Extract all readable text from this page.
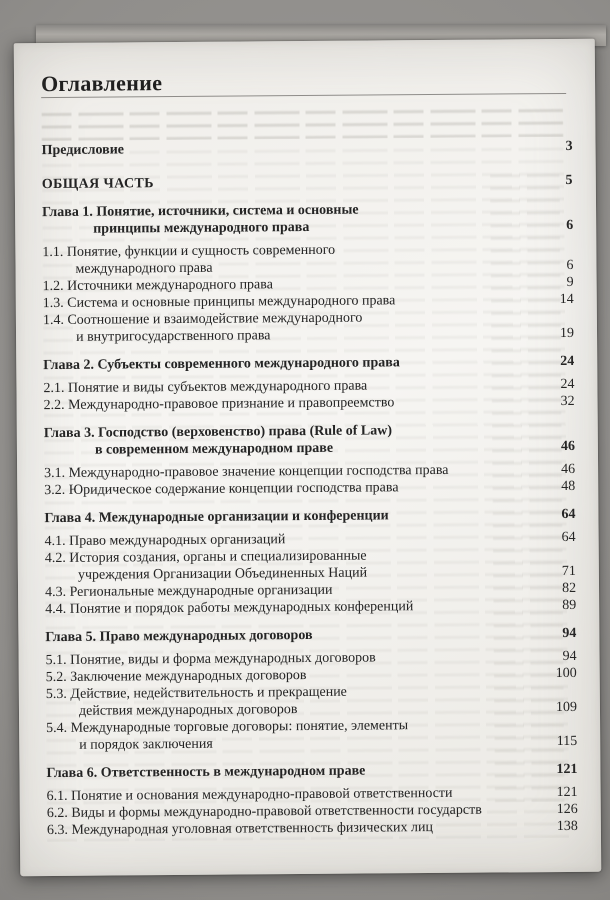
Оглавление
Предисловие	3
ОБЩАЯ ЧАСТЬ	5
Глава 1. Понятие, источники, система и основные
принципы международного права	6
1.1. Понятие, функции и сущность современного
международного права	6
1.2. Источники международного права	9
1.3. Система и основные принципы международного права	14
1.4. Соотношение и взаимодействие международного
и внутригосударственного права	19
Глава 2. Субъекты современного международного права	24
2.1. Понятие и виды субъектов международного права	24
2.2. Международно-правовое признание и правопреемство	32
Глава 3. Господство (верховенство) права (Rule of Law)
в современном международном праве	46
3.1. Международно-правовое значение концепции господства права	46
3.2. Юридическое содержание концепции господства права	48
Глава 4. Международные организации и конференции	64
4.1. Право международных организаций	64
4.2. История создания, органы и специализированные
учреждения Организации Объединенных Наций	71
4.3. Региональные международные организации	82
4.4. Понятие и порядок работы международных конференций	89
Глава 5. Право международных договоров	94
5.1. Понятие, виды и форма международных договоров	94
5.2. Заключение международных договоров	100
5.3. Действие, недействительность и прекращение
действия международных договоров	109
5.4. Международные торговые договоры: понятие, элементы
и порядок заключения	115
Глава 6. Ответственность в международном праве	121
6.1. Понятие и основания международно-правовой ответственности	121
6.2. Виды и формы международно-правовой ответственности государств	126
6.3. Международная уголовная ответственность физических лиц	138
